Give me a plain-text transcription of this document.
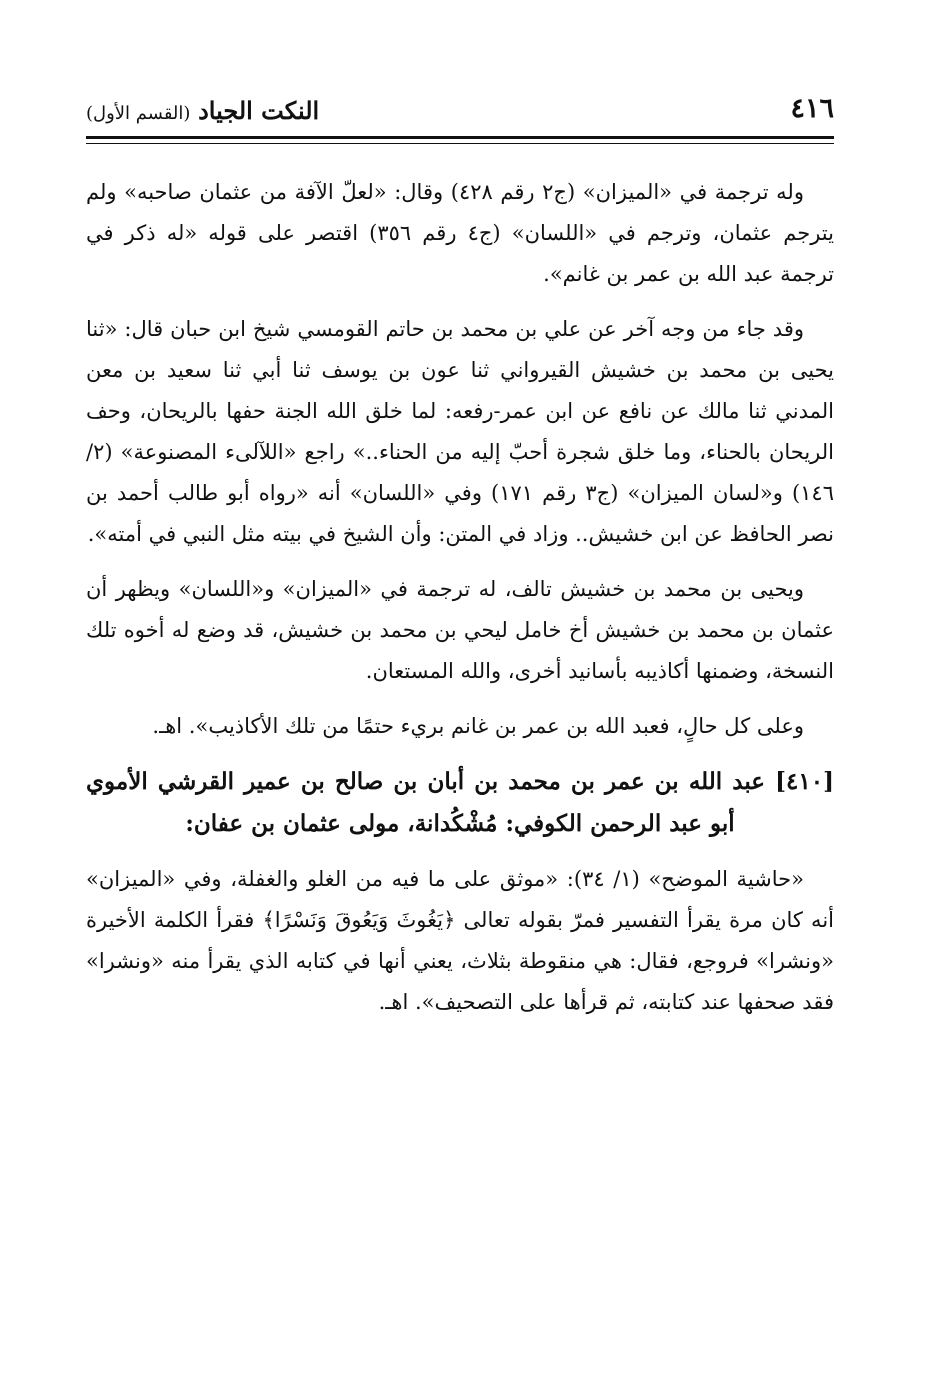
٤١٦
النكت الجياد (القسم الأول)

وله ترجمة في «الميزان» (ج٢ رقم ٤٢٨) وقال: «لعلّ الآفة من عثمان صاحبه» ولم يترجم عثمان، وترجم في «اللسان» (ج٤ رقم ٣٥٦) اقتصر على قوله «له ذكر في ترجمة عبد الله بن عمر بن غانم».

وقد جاء من وجه آخر عن علي بن محمد بن حاتم القومسي شيخ ابن حبان قال: «ثنا يحيى بن محمد بن خشيش القيرواني ثنا عون بن يوسف ثنا أبي ثنا سعيد بن معن المدني ثنا مالك عن نافع عن ابن عمر-رفعه: لما خلق الله الجنة حفها بالريحان، وحف الريحان بالحناء، وما خلق شجرة أحبّ إليه من الحناء..» راجع «اللآلىء المصنوعة» (٢/ ١٤٦) و«لسان الميزان» (ج٣ رقم ١٧١) وفي «اللسان» أنه «رواه أبو طالب أحمد بن نصر الحافظ عن ابن خشيش.. وزاد في المتن: وأن الشيخ في بيته مثل النبي في أمته».

ويحيى بن محمد بن خشيش تالف، له ترجمة في «الميزان» و«اللسان» ويظهر أن عثمان بن محمد بن خشيش أخ خامل ليحي بن محمد بن خشيش، قد وضع له أخوه تلك النسخة، وضمنها أكاذيبه بأسانيد أخرى، والله المستعان.

وعلى كل حالٍ، فعبد الله بن عمر بن غانم بريء حتمًا من تلك الأكاذيب». اهـ.

[٤١٠] عبد الله بن عمر بن محمد بن أبان بن صالح بن عمير القرشي الأموي أبو عبد الرحمن الكوفي: مُشْكُدانة، مولى عثمان بن عفان:

«حاشية الموضح» (١/ ٣٤): «موثق على ما فيه من الغلو والغفلة، وفي «الميزان» أنه كان مرة يقرأ التفسير فمرّ بقوله تعالى ﴿يَغُوثَ وَيَعُوقَ وَنَسْرًا﴾ فقرأ الكلمة الأخيرة «ونشرا» فروجع، فقال: هي منقوطة بثلاث، يعني أنها في كتابه الذي يقرأ منه «ونشرا» فقد صحفها عند كتابته، ثم قرأها على التصحيف». اهـ.
